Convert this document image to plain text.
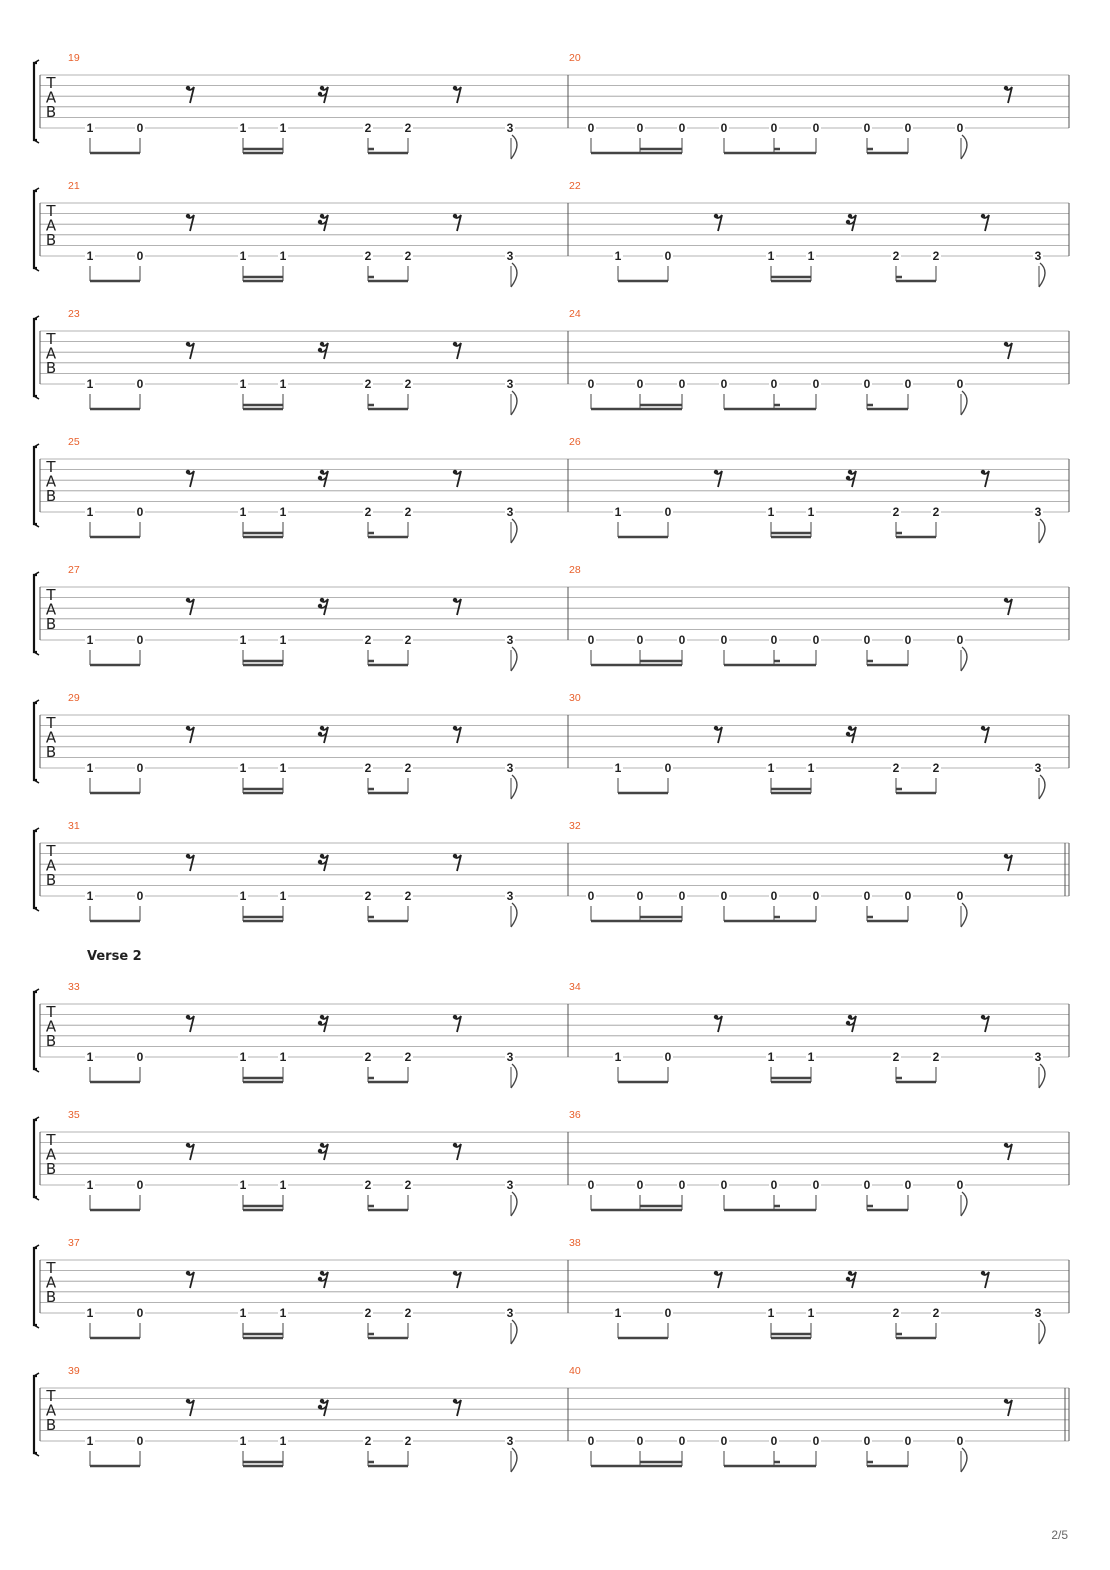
T
A
B
19
1	0	1	1	2	2	3
20
0	0	0	0	0	0	0	0	0
T
A
B
21
1	0	1	1	2	2	3
22
1	0	1	1	2	2	3
T
A
B
23
1	0	1	1	2	2	3
24
0	0	0	0	0	0	0	0	0
T
A
B
25
1	0	1	1	2	2	3
26
1	0	1	1	2	2	3
T
A
B
27
1	0	1	1	2	2	3
28
0	0	0	0	0	0	0	0	0
T
A
B
29
1	0	1	1	2	2	3
30
1	0	1	1	2	2	3
T
A
B
31
1	0	1	1	2	2	3
32
0	0	0	0	0	0	0	0	0
T
A
B
33
1	0	1	1	2	2	3
34
1	0	1	1	2	2	3
T
A
B
35
1	0	1	1	2	2	3
36
0	0	0	0	0	0	0	0	0
T
A
B
37
1	0	1	1	2	2	3
38
1	0	1	1	2	2	3
T
A
B
39
1	0	1	1	2	2	3
40
0	0	0	0	0	0	0	0	0
Verse 2
2/5
